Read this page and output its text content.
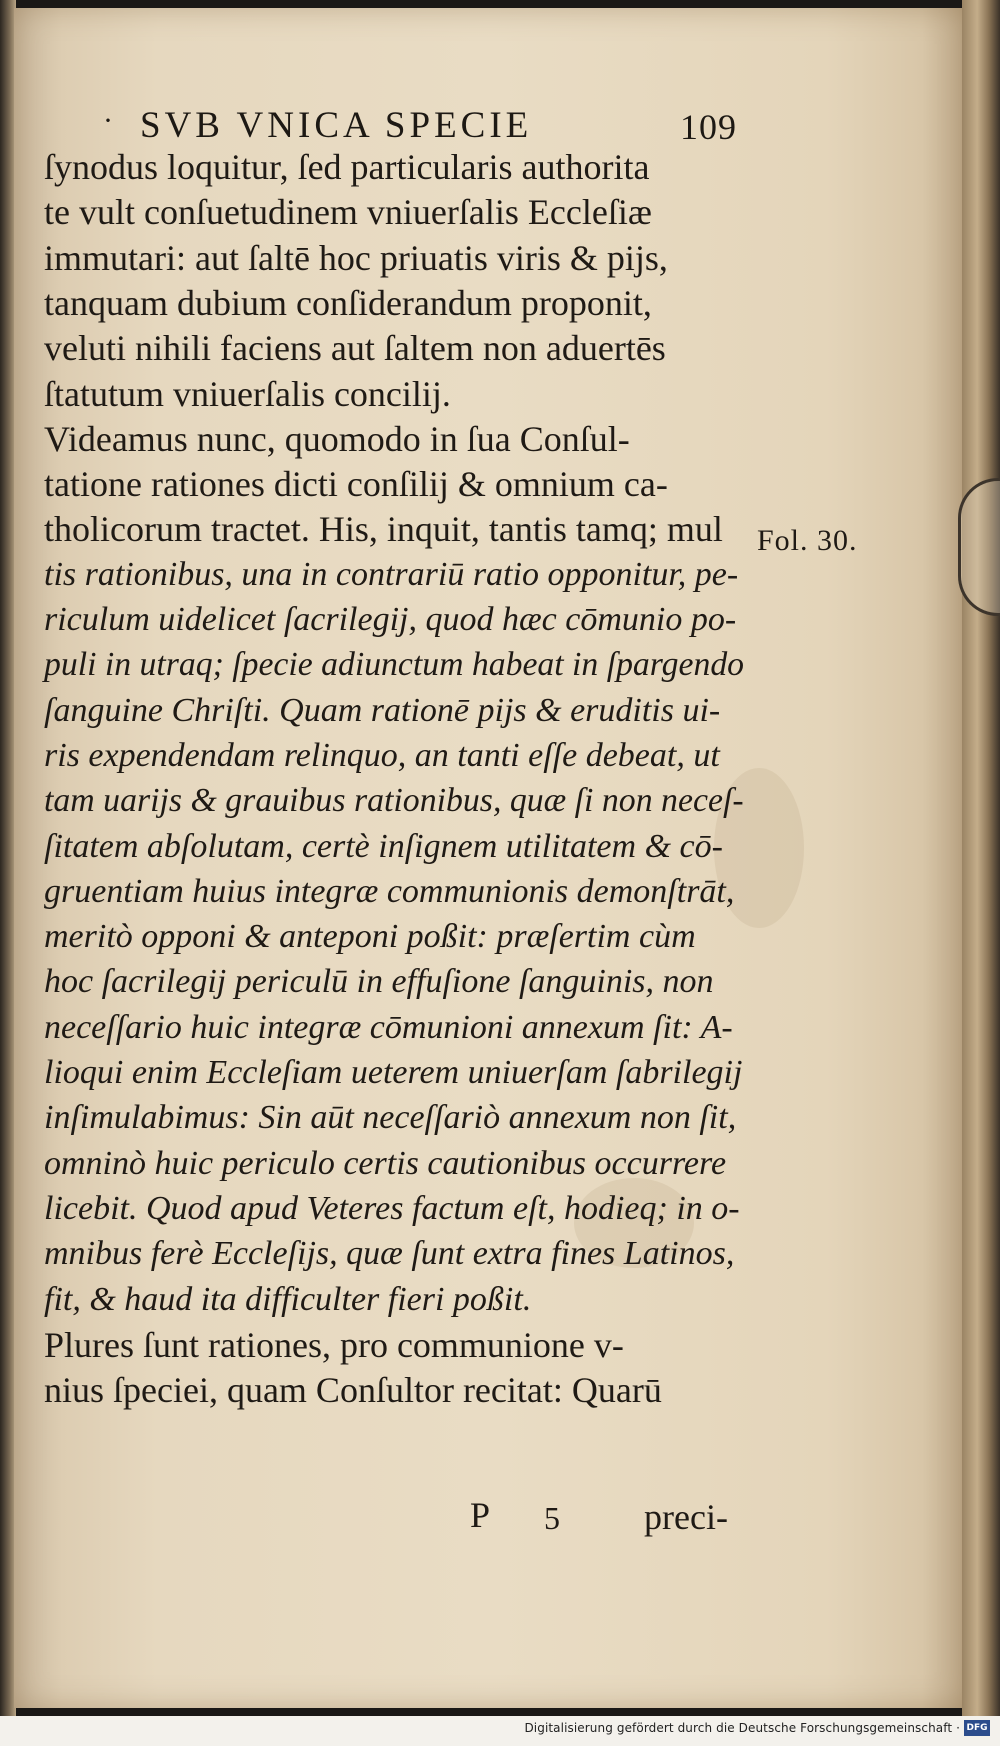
· SVB VNICA SPECIE	109
ſynodus loquitur, ſed particularis authorita
te vult conſuetudinem vniuerſalis Eccleſiæ
immutari: aut ſaltē hoc priuatis viris & pijs,
tanquam dubium conſiderandum proponit,
veluti nihili faciens aut ſaltem non aduertēs
ſtatutum vniuerſalis concilij.
Videamus nunc, quomodo in ſua Conſul-
tatione rationes dicti conſilij & omnium ca-
tholicorum tractet. His, inquit, tantis tamq; mul
tis rationibus, una in contrariū ratio opponitur, pe-
riculum uidelicet ſacrilegij, quod hæc cōmunio po-
puli in utraq; ſpecie adiunctum habeat in ſpargendo
ſanguine Chriſti. Quam rationē pijs & eruditis ui-
ris expendendam relinquo, an tanti eſſe debeat, ut
tam uarijs & grauibus rationibus, quæ ſi non neceſ-
ſitatem abſolutam, certè inſignem utilitatem & cō-
gruentiam huius integræ communionis demonſtrāt,
meritò opponi & anteponi poßit: præſertim cùm
hoc ſacrilegij periculū in effuſione ſanguinis, non
neceſſario huic integræ cōmunioni annexum ſit: A-
lioqui enim Eccleſiam ueterem uniuerſam ſabrilegij
inſimulabimus: Sin aūt neceſſariò annexum non ſit,
omninò huic periculo certis cautionibus occurrere
licebit. Quod apud Veteres factum eſt, hodieq; in o-
mnibus ferè Eccleſijs, quæ ſunt extra fines Latinos,
fit, & haud ita difficulter fieri poßit.
Plures ſunt rationes, pro communione v-
nius ſpeciei, quam Conſultor recitat: Quarū
Fol. 30.
P 5 preci-
Digitalisierung gefördert durch die Deutsche Forschungsgemeinschaft · DFG
